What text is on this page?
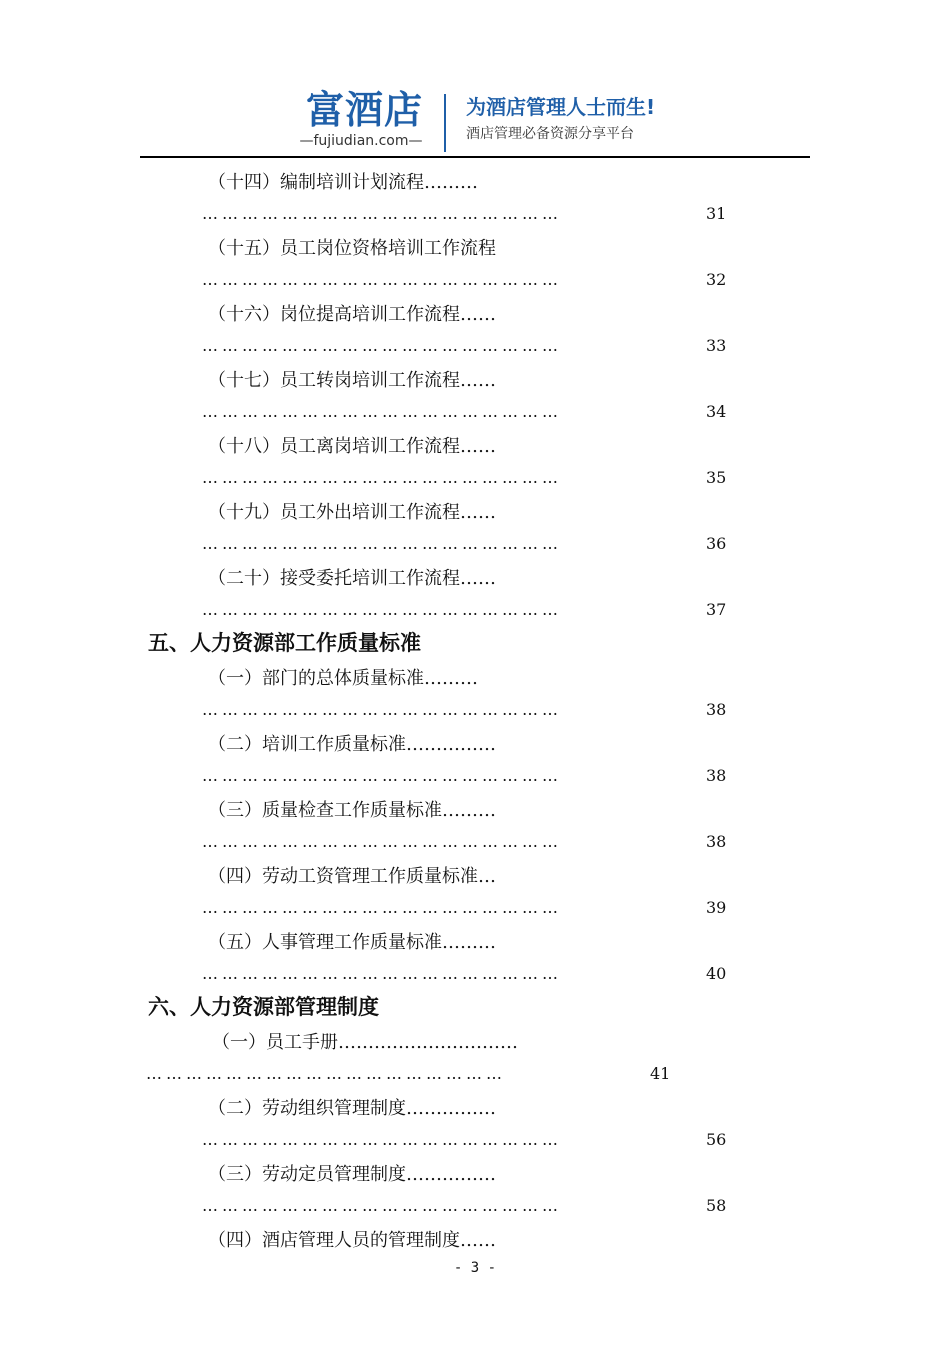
富酒店
—fujiudian.com—
为酒店管理人士而生!
酒店管理必备资源分享平台
（十四）编制培训计划流程………
………………………………………………	31
（十五）员工岗位资格培训工作流程
………………………………………………	32
（十六）岗位提高培训工作流程……
………………………………………………	33
（十七）员工转岗培训工作流程……
………………………………………………	34
（十八）员工离岗培训工作流程……
………………………………………………	35
（十九）员工外出培训工作流程……
………………………………………………	36
（二十）接受委托培训工作流程……
………………………………………………	37
五、人力资源部工作质量标准
（一）部门的总体质量标准………
………………………………………………	38
（二）培训工作质量标准……………
………………………………………………	38
（三）质量检查工作质量标准………
………………………………………………	38
（四）劳动工资管理工作质量标准…
………………………………………………	39
（五）人事管理工作质量标准………
………………………………………………	40
六、人力资源部管理制度
（一）员工手册…………………………
………………………………………………	41
（二）劳动组织管理制度……………
………………………………………………	56
（三）劳动定员管理制度……………
………………………………………………	58
（四）酒店管理人员的管理制度……
- 3 -
